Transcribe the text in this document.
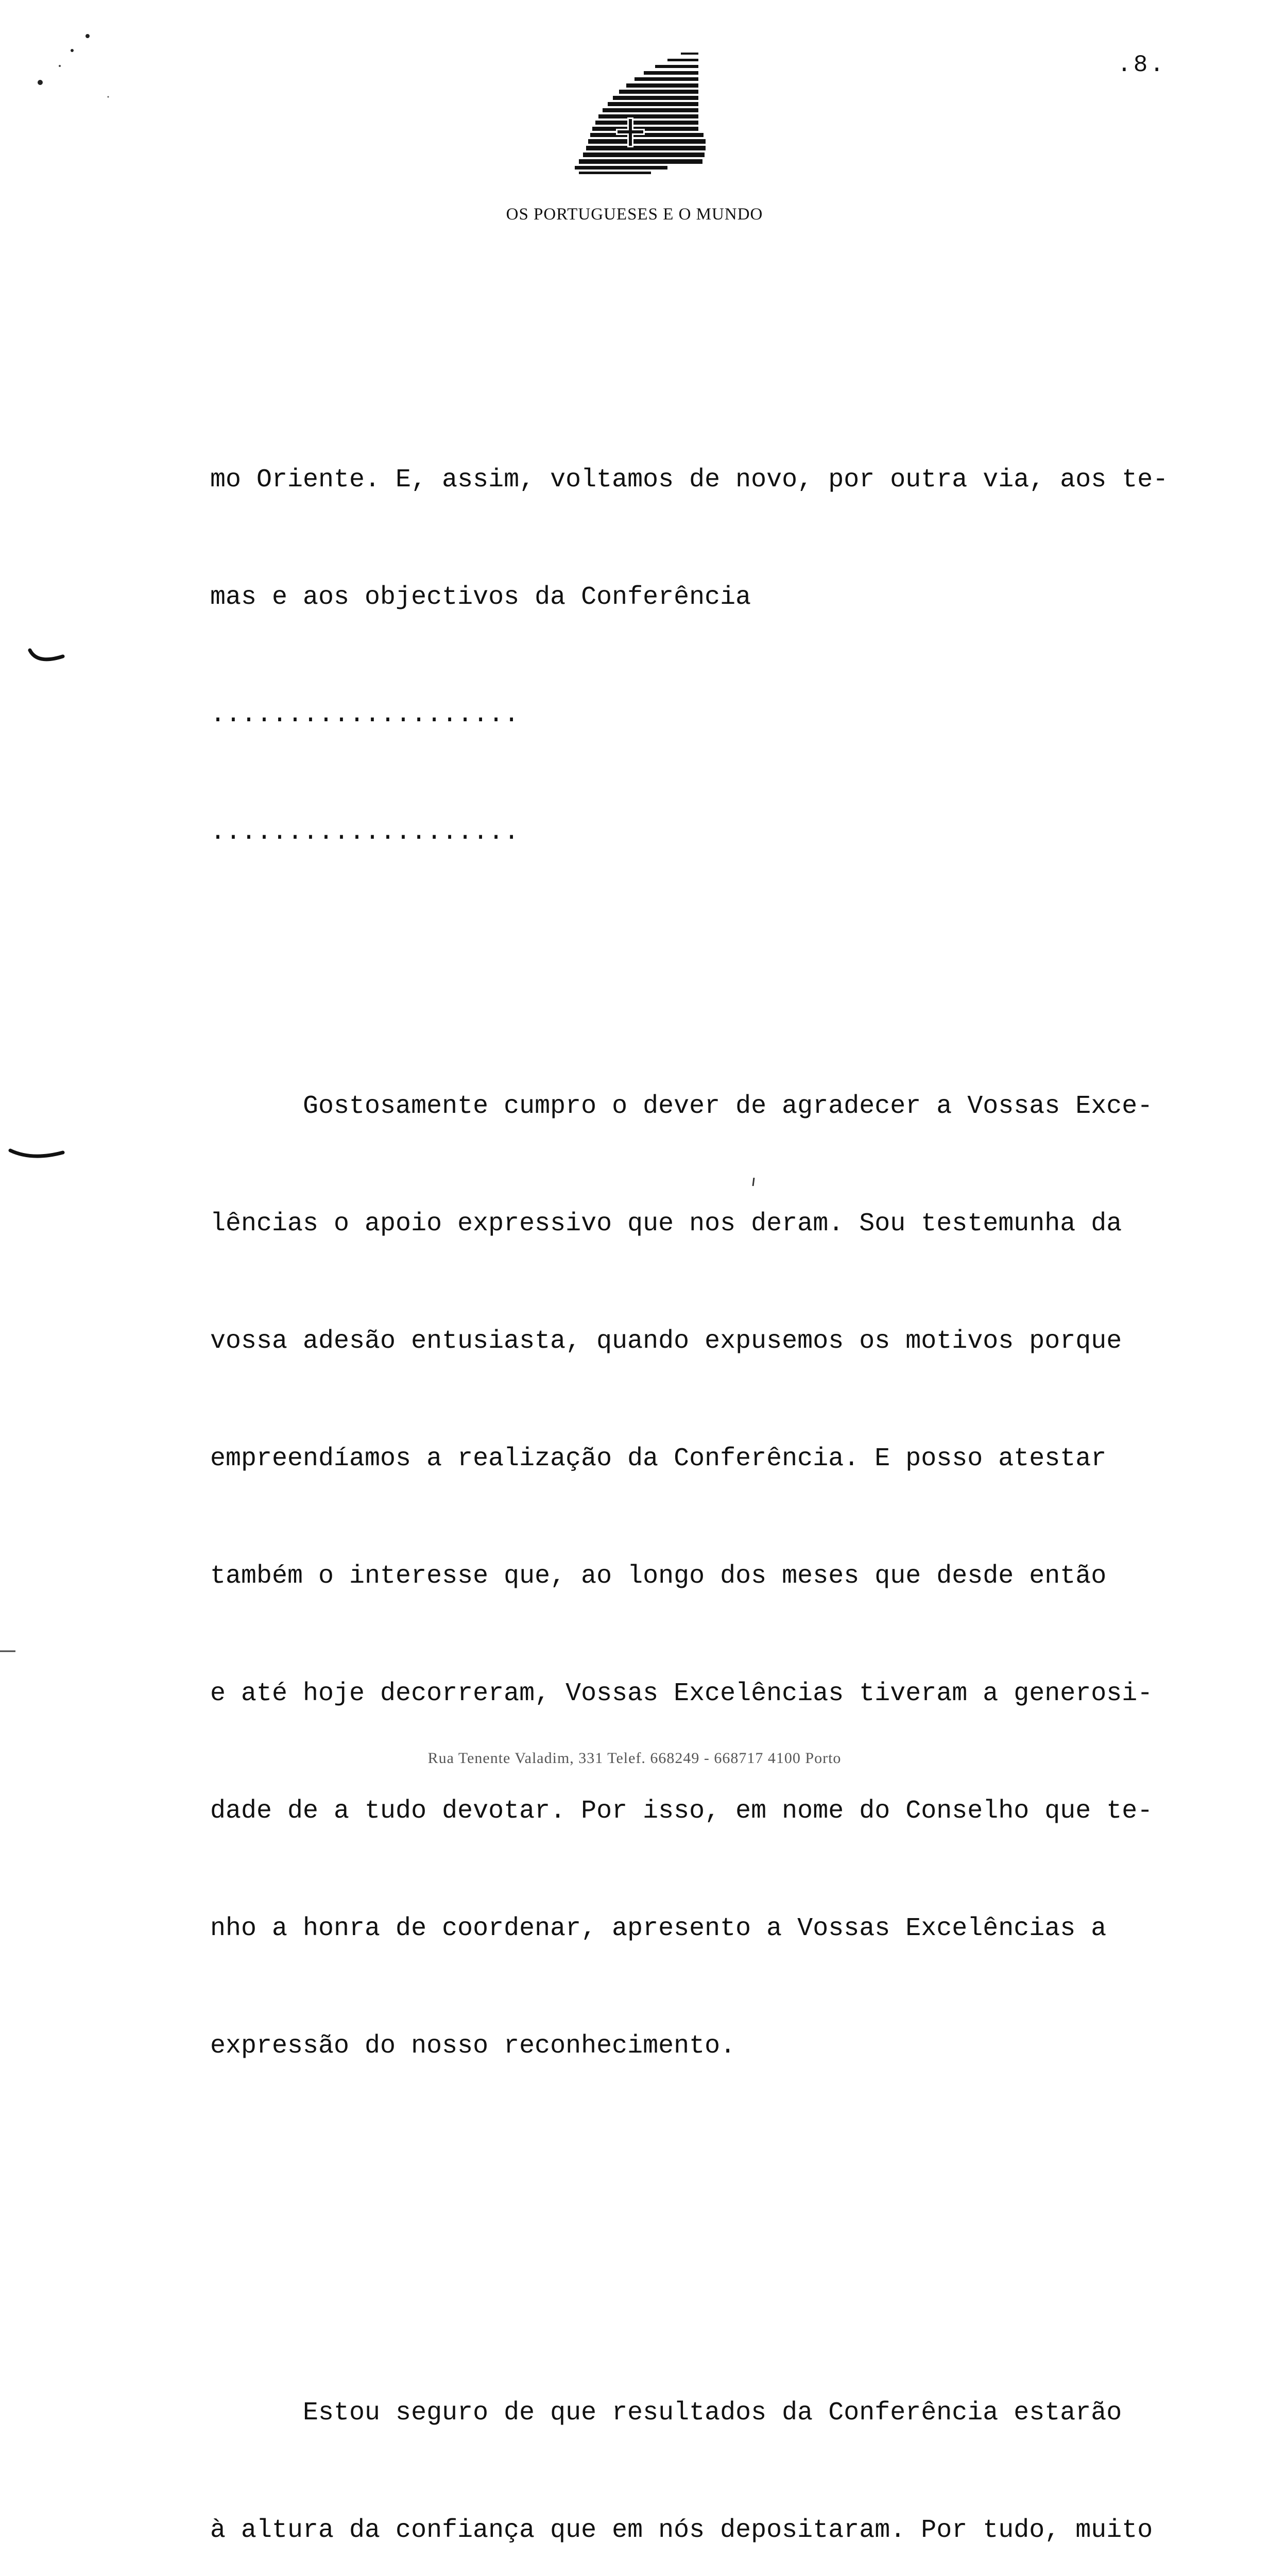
.8.
OS PORTUGUESES E O MUNDO

mo Oriente. E, assim, voltamos de novo, por outra via, aos te-

mas e aos objectivos da Conferência

....................

....................

Gostosamente cumpro o dever de agradecer a Vossas Exce-

lências o apoio expressivo que nos deram. Sou testemunha da

vossa adesão entusiasta, quando expusemos os motivos porque

empreendíamos a realização da Conferência. E posso atestar

também o interesse que, ao longo dos meses que desde então

e até hoje decorreram, Vossas Excelências tiveram a generosi-

dade de a tudo devotar. Por isso, em nome do Conselho que te-

nho a honra de coordenar, apresento a Vossas Excelências a

expressão do nosso reconhecimento.

Estou seguro de que resultados da Conferência estarão

à altura da confiança que em nós depositaram. Por tudo, muito

Rua Tenente Valadim, 331 Telef. 668249 - 668717 4100 Porto
